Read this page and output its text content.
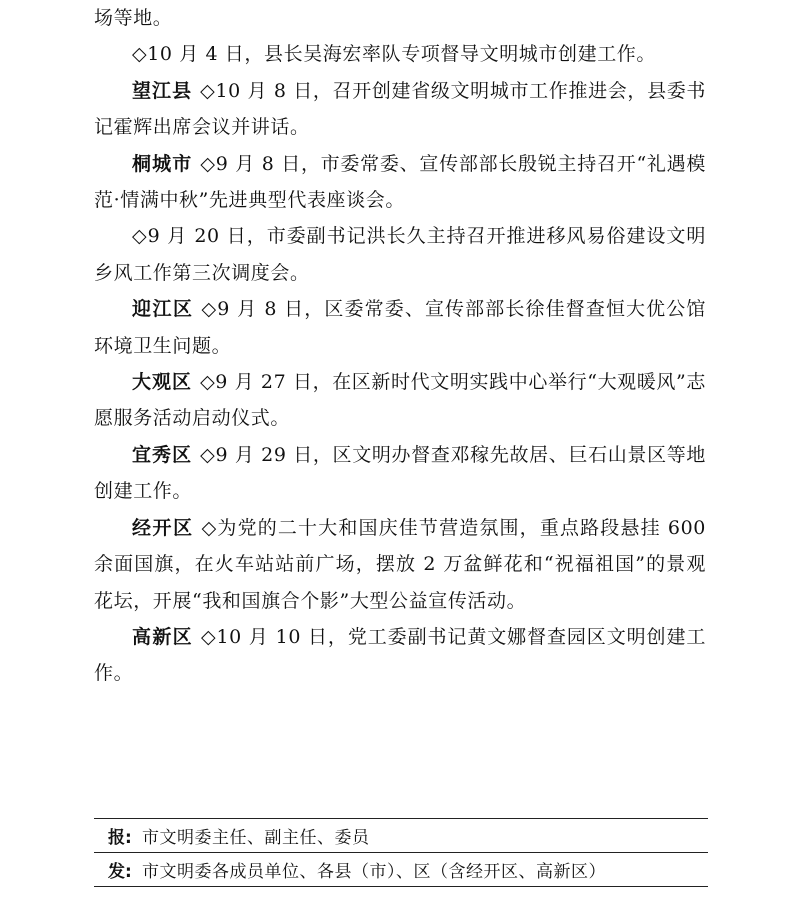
场等地。

◇10 月 4 日，县长吴海宏率队专项督导文明城市创建工作。

望江县 ◇10 月 8 日，召开创建省级文明城市工作推进会，县委书记霍辉出席会议并讲话。

桐城市 ◇9 月 8 日，市委常委、宣传部部长殷锐主持召开“礼遇模范·情满中秋”先进典型代表座谈会。

◇9 月 20 日，市委副书记洪长久主持召开推进移风易俗建设文明乡风工作第三次调度会。

迎江区 ◇9 月 8 日，区委常委、宣传部部长徐佳督查恒大优公馆环境卫生问题。

大观区 ◇9 月 27 日，在区新时代文明实践中心举行“大观暖风”志愿服务活动启动仪式。

宜秀区 ◇9 月 29 日，区文明办督查邓稼先故居、巨石山景区等地创建工作。

经开区 ◇为党的二十大和国庆佳节营造氛围，重点路段悬挂 600 余面国旗，在火车站站前广场，摆放 2 万盆鲜花和“祝福祖国”的景观花坛，开展“我和国旗合个影”大型公益宣传活动。

高新区 ◇10 月 10 日，党工委副书记黄文娜督查园区文明创建工作。

报: 市文明委主任、副主任、委员
发: 市文明委各成员单位、各县（市）、区（含经开区、高新区）
